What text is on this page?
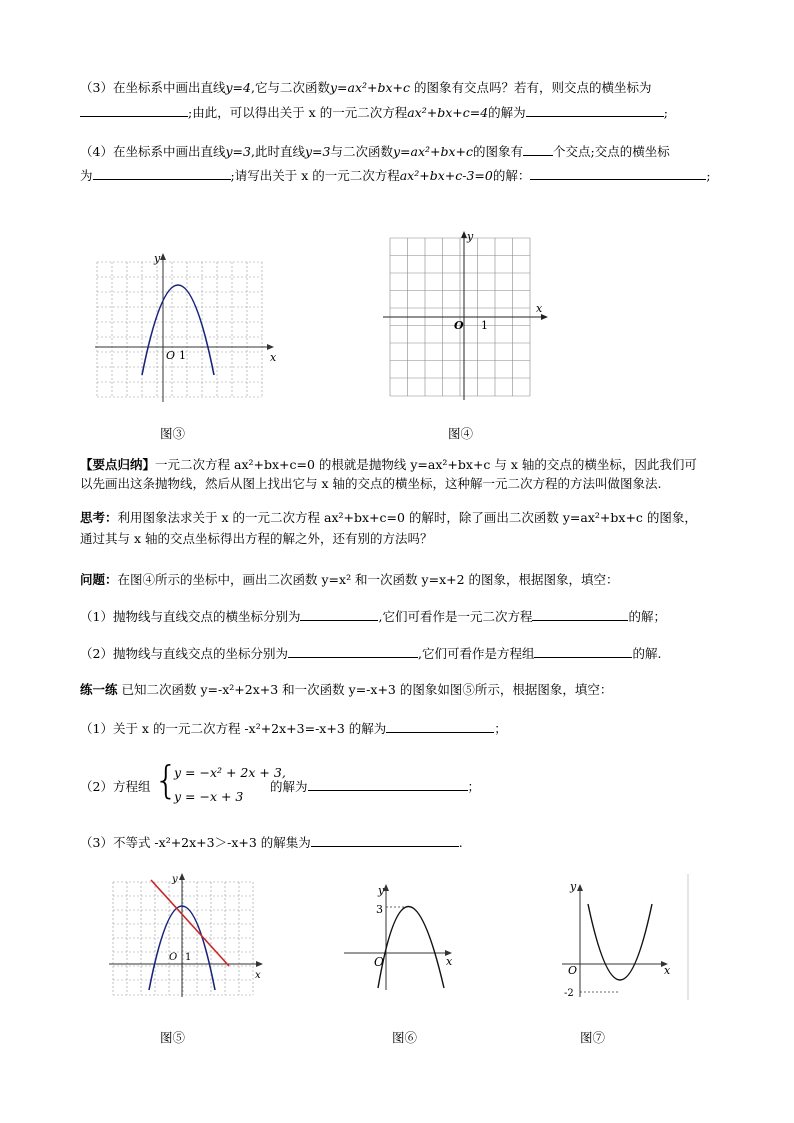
（3）在坐标系中画出直线y=4,它与二次函数y=ax²+bx+c 的图象有交点吗？若有，则交点的横坐标为
;由此，可以得出关于 x 的一元二次方程ax²+bx+c=4的解为	;
（4）在坐标系中画出直线y=3,此时直线y=3与二次函数y=ax²+bx+c的图象有 个交点;交点的横坐标
为	;请写出关于 x 的一元二次方程ax²+bx+c-3=0的解：	;
O 1	x
y
图③
O 1
x
y
图④
【要点归纳】一元二次方程 ax²+bx+c=0 的根就是抛物线 y=ax²+bx+c 与 x 轴的交点的横坐标，因此我们可
以先画出这条抛物线，然后从图上找出它与 x 轴的交点的横坐标，这种解一元二次方程的方法叫做图象法.
思考：利用图象法求关于 x 的一元二次方程 ax²+bx+c=0 的解时，除了画出二次函数 y=ax²+bx+c 的图象，
通过其与 x 轴的交点坐标得出方程的解之外，还有别的方法吗？
问题：在图④所示的坐标中，画出二次函数 y=x² 和一次函数 y=x+2 的图象，根据图象，填空：
（1）抛物线与直线交点的横坐标分别为	,它们可看作是一元二次方程	的解；
（2）抛物线与直线交点的坐标分别为	,它们可看作是方程组	的解.
练一练 已知二次函数 y=-x²+2x+3 和一次函数 y=-x+3 的图象如图⑤所示，根据图象，填空：
（1）关于 x 的一元二次方程 -x²+2x+3=-x+3 的解为	；
（2）方程组 {
y = −x² + 2x + 3,
y = −x + 3
的解为	；
（3）不等式 -x²+2x+3＞-x+3 的解集为	.
O 1
x
y
图⑤
O
3
x
y
图⑥
O
-2
x
y
图⑦
